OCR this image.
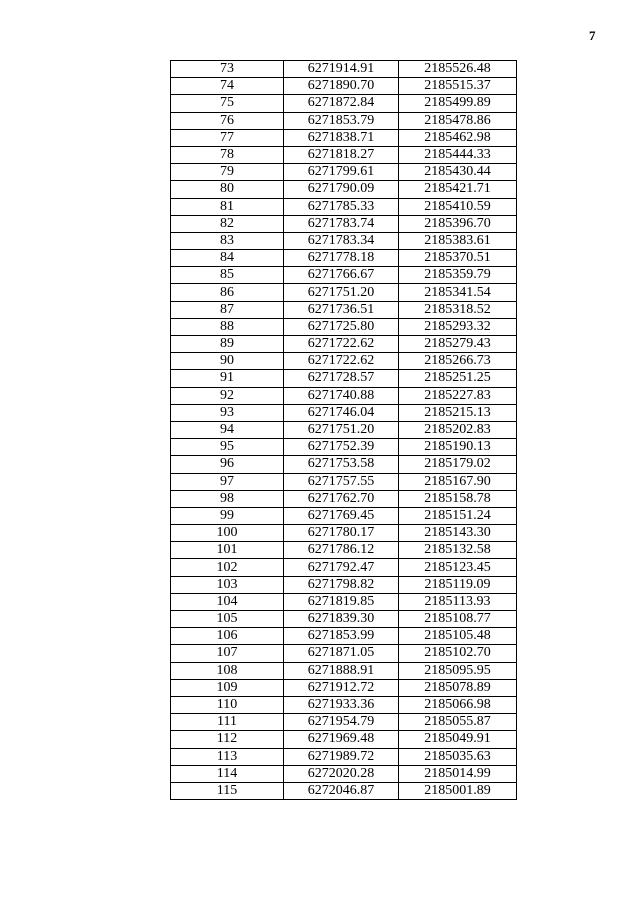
7
73	6271914.91	2185526.48
74	6271890.70	2185515.37
75	6271872.84	2185499.89
76	6271853.79	2185478.86
77	6271838.71	2185462.98
78	6271818.27	2185444.33
79	6271799.61	2185430.44
80	6271790.09	2185421.71
81	6271785.33	2185410.59
82	6271783.74	2185396.70
83	6271783.34	2185383.61
84	6271778.18	2185370.51
85	6271766.67	2185359.79
86	6271751.20	2185341.54
87	6271736.51	2185318.52
88	6271725.80	2185293.32
89	6271722.62	2185279.43
90	6271722.62	2185266.73
91	6271728.57	2185251.25
92	6271740.88	2185227.83
93	6271746.04	2185215.13
94	6271751.20	2185202.83
95	6271752.39	2185190.13
96	6271753.58	2185179.02
97	6271757.55	2185167.90
98	6271762.70	2185158.78
99	6271769.45	2185151.24
100	6271780.17	2185143.30
101	6271786.12	2185132.58
102	6271792.47	2185123.45
103	6271798.82	2185119.09
104	6271819.85	2185113.93
105	6271839.30	2185108.77
106	6271853.99	2185105.48
107	6271871.05	2185102.70
108	6271888.91	2185095.95
109	6271912.72	2185078.89
110	6271933.36	2185066.98
111	6271954.79	2185055.87
112	6271969.48	2185049.91
113	6271989.72	2185035.63
114	6272020.28	2185014.99
115	6272046.87	2185001.89
